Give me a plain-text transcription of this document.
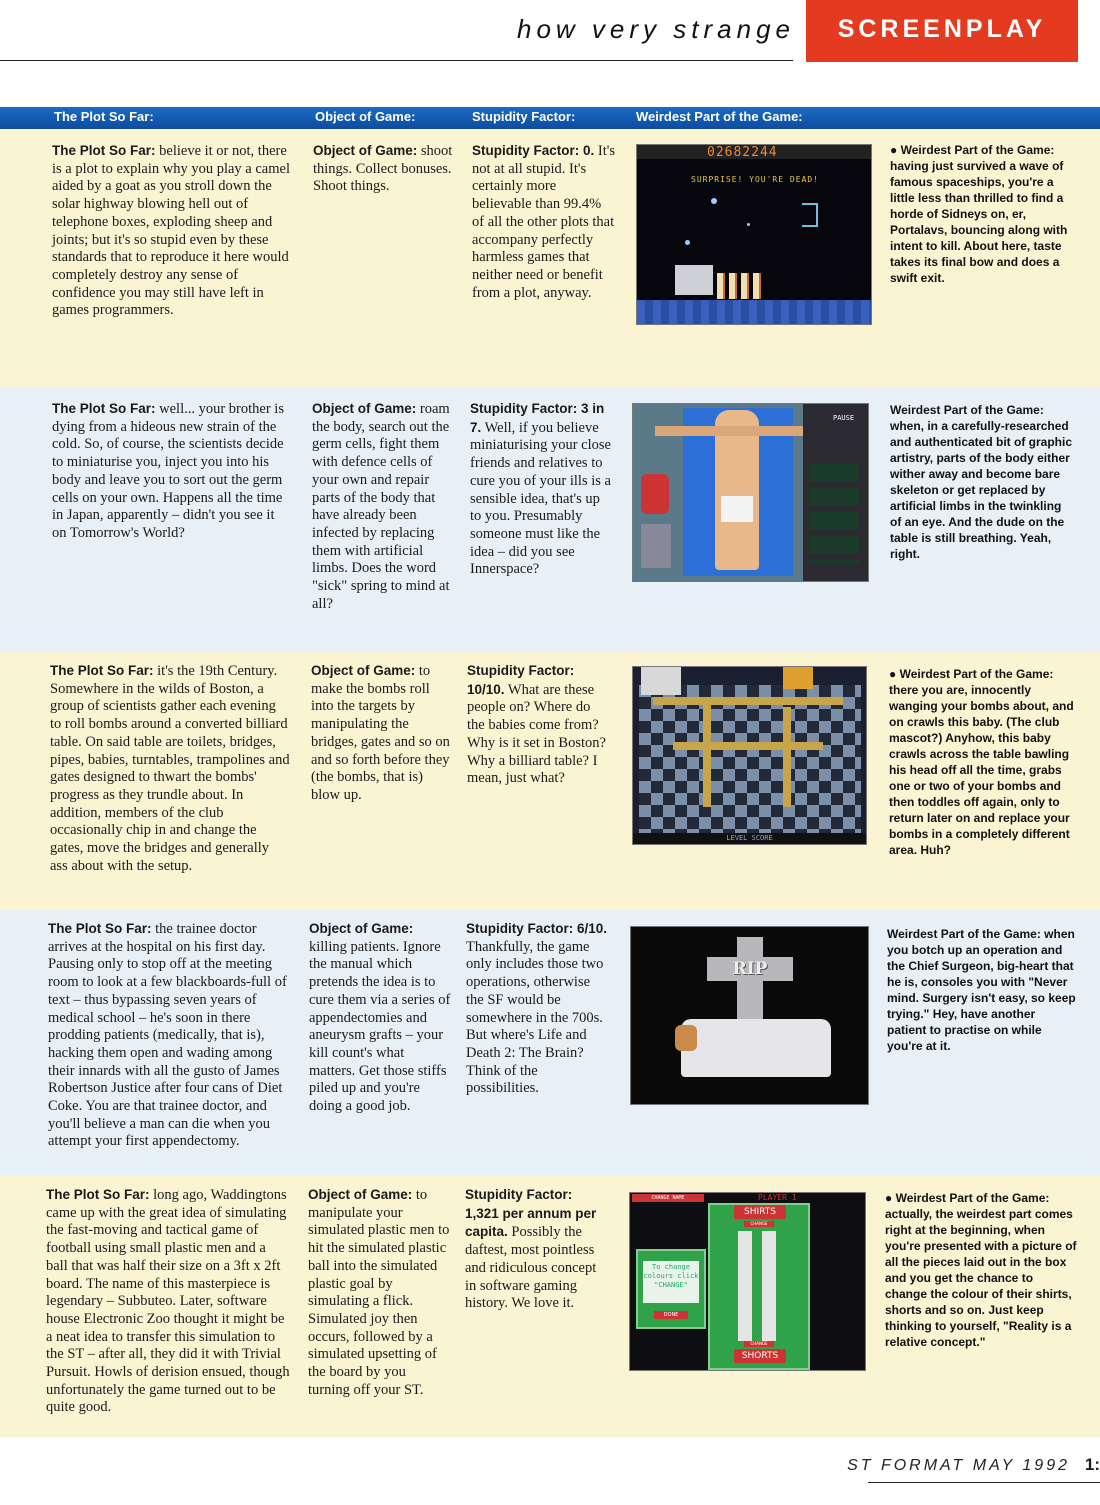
how very strange	SCREENPLAY
The Plot So Far:	Object of Game:	Stupidity Factor:	Weirdest Part of the Game:
The Plot So Far: believe it or not, there is a plot to explain why you play a camel aided by a goat as you stroll down the solar highway blowing hell out of telephone boxes, exploding sheep and joints; but it's so stupid even by these standards that to reproduce it here would completely destroy any sense of confidence you may still have left in games programmers.
Object of Game: shoot things. Collect bonuses. Shoot things.
Stupidity Factor: 0. It's not at all stupid. It's certainly more believable than 99.4% of all the other plots that accompany perfectly harmless games that neither need or benefit from a plot, anyway.
02682244
SURPRISE! YOU'RE DEAD!
● Weirdest Part of the Game: having just survived a wave of famous spaceships, you're a little less than thrilled to find a horde of Sidneys on, er, Portalavs, bouncing along with intent to kill. About here, taste takes its final bow and does a swift exit.
The Plot So Far: well... your brother is dying from a hideous new strain of the cold. So, of course, the scientists decide to miniaturise you, inject you into his body and leave you to sort out the germ cells on your own. Happens all the time in Japan, apparently – didn't you see it on Tomorrow's World?
Object of Game: roam the body, search out the germ cells, fight them with defence cells of your own and repair parts of the body that have already been infected by replacing them with artificial limbs. Does the word "sick" spring to mind at all?
Stupidity Factor: 3 in 7. Well, if you believe miniaturising your close friends and relatives to cure you of your ills is a sensible idea, that's up to you. Presumably someone must like the idea – did you see Innerspace?
PAUSE
Weirdest Part of the Game: when, in a carefully-researched and authenticated bit of graphic artistry, parts of the body either wither away and become bare skeleton or get replaced by artificial limbs in the twinkling of an eye. And the dude on the table is still breathing. Yeah, right.
The Plot So Far: it's the 19th Century. Somewhere in the wilds of Boston, a group of scientists gather each evening to roll bombs around a converted billiard table. On said table are toilets, bridges, pipes, babies, turntables, trampolines and gates designed to thwart the bombs' progress as they trundle about. In addition, members of the club occasionally chip in and change the gates, move the bridges and generally ass about with the setup.
Object of Game: to make the bombs roll into the targets by manipulating the bridges, gates and so on and so forth before they (the bombs, that is) blow up.
Stupidity Factor: 10/10. What are these people on? Where do the babies come from? Why is it set in Boston? Why a billiard table? I mean, just what?
LEVEL SCORE
● Weirdest Part of the Game: there you are, innocently wanging your bombs about, and on crawls this baby. (The club mascot?) Anyhow, this baby crawls across the table bawling his head off all the time, grabs one or two of your bombs and then toddles off again, only to return later on and replace your bombs in a completely different area. Huh?
The Plot So Far: the trainee doctor arrives at the hospital on his first day. Pausing only to stop off at the meeting room to look at a few blackboards-full of text – thus bypassing seven years of medical school – he's soon in there prodding patients (medically, that is), hacking them open and wading among their innards with all the gusto of James Robertson Justice after four cans of Diet Coke. You are that trainee doctor, and you'll believe a man can die when you attempt your first appendectomy.
Object of Game: killing patients. Ignore the manual which pretends the idea is to cure them via a series of appendectomies and aneurysm grafts – your kill count's what matters. Get those stiffs piled up and you're doing a good job.
Stupidity Factor: 6/10. Thankfully, the game only includes those two operations, otherwise the SF would be somewhere in the 700s. But where's Life and Death 2: The Brain? Think of the possibilities.
RIP
Weirdest Part of the Game: when you botch up an operation and the Chief Surgeon, big-heart that he is, consoles you with "Never mind. Surgery isn't easy, so keep trying." Hey, have another patient to practise on while you're at it.
The Plot So Far: long ago, Waddingtons came up with the great idea of simulating the fast-moving and tactical game of football using small plastic men and a ball that was half their size on a 3ft x 2ft board. The name of this masterpiece is legendary – Subbuteo. Later, software house Electronic Zoo thought it might be a neat idea to transfer this simulation to the ST – after all, they did it with Trivial Pursuit. Howls of derision ensued, though unfortunately the game turned out to be quite good.
Object of Game: to manipulate your simulated plastic men to hit the simulated plastic ball into the simulated plastic goal by simulating a flick. Simulated joy then occurs, followed by a simulated upsetting of the board by you turning off your ST.
Stupidity Factor: 1,321 per annum per capita. Possibly the daftest, most pointless and ridiculous concept in software gaming history. We love it.
CHANGE NAME	PLAYER 1
SHIRTS
CHANGE
CHANGE
SHORTS
To change colours click "CHANGE"
DONE
● Weirdest Part of the Game: actually, the weirdest part comes right at the beginning, when you're presented with a picture of all the pieces laid out in the box and you get the chance to change the colour of their shirts, shorts and so on. Just keep thinking to yourself, "Reality is a relative concept."
ST FORMAT MAY 1992 1:
